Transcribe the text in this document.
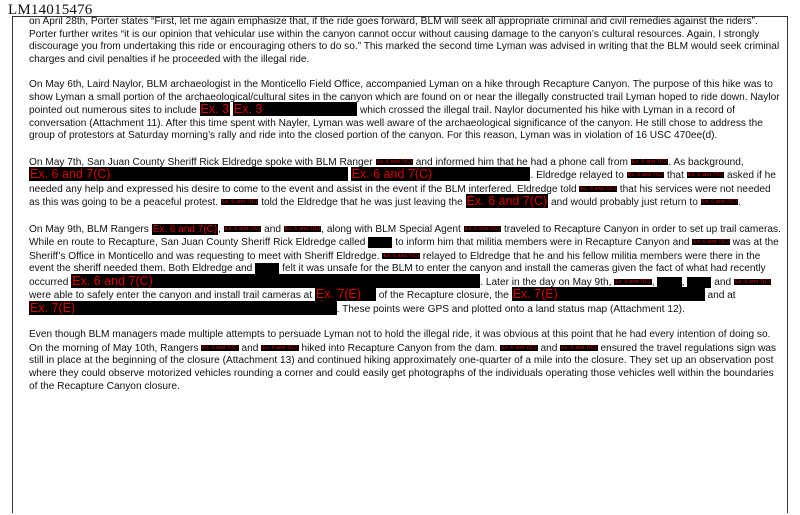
LM14015476

on April 28th, Porter states “First, let me again emphasize that, if the ride goes forward, BLM will seek all appropriate criminal and civil remedies against the riders”. Porter further writes “it is our opinion that vehicular use within the canyon cannot occur without causing damage to the canyon’s cultural resources. Again, I strongly discourage you from undertaking this ride or encouraging others to do so.” This marked the second time Lyman was advised in writing that the BLM would seek criminal charges and civil penalties if he proceeded with the illegal ride.

On May 6th, Laird Naylor, BLM archaeologist in the Monticello Field Office, accompanied Lyman on a hike through Recapture Canyon. The purpose of this hike was to show Lyman a small portion of the archaeological/cultural sites in the canyon which are found on or near the illegally constructed trail Lyman hoped to ride down. Naylor pointed out numerous sites to include Ex. 3 Ex. 3	which crossed the illegal trail. Naylor documented his hike with Lyman in a record of conversation (Attachment 11). After this time spent with Nayler, Lyman was well aware of the archaeological significance of the canyon. He still chose to address the group of protestors at Saturday morning’s rally and ride into the closed portion of the canyon. For this reason, Lyman was in violation of 16 USC 470ee(d).

On May 7th, San Juan County Sheriff Rick Eldredge spoke with BLM Ranger Ex. 6 and 7(C) and informed him that he had a phone call from Ex. 6 and 7(C). As background, Ex. 6 and 7(C)	Ex. 6 and 7(C)	. Eldredge relayed to Ex. 6 and 7(C) that Ex. 6 and 7(C) asked if he needed any help and expressed his desire to come to the event and assist in the event if the BLM interfered. Eldredge told Ex. 6 and 7(C) that his services were not needed as this was going to be a peaceful protest. Ex. 6 and 7(C) told the Eldredge that he was just leaving the Ex. 6 and 7(C) and would probably just return to Ex. 6 and 7(C).

On May 9th, BLM Rangers Ex. 6 and 7(C), Ex. 6 and 7(C) and Ex. 6 and 7(C), along with BLM Special Agent Ex. 6 and 7(C) traveled to Recapture Canyon in order to set up trail cameras. While en route to Recapture, San Juan County Sheriff Rick Eldredge called          to inform him that militia members were in Recapture Canyon and Ex. 6 and 7(C) was at the Sheriff’s Office in Monticello and was requesting to meet with Sheriff Eldredge. Ex. 6 and 7(C) relayed to Eldredge that he and his fellow militia members were there in the event the sheriff needed them. Both Eldredge and          felt it was unsafe for the BLM to enter the canyon and install the cameras given the fact of what had recently occurred Ex. 6 and 7(C)	. Later in the day on May 9th, Ex. 6 and 7(C),         ,          and Ex. 6 and 7(C) were able to safely enter the canyon and install trail cameras at Ex. 7(E)     of the Recapture closure, the Ex. 7(E)	and at Ex. 7(E)	. These points were GPS and plotted onto a land status map (Attachment 12).

Even though BLM managers made multiple attempts to persuade Lyman not to hold the illegal ride, it was obvious at this point that he had every intention of doing so. On the morning of May 10th, Rangers Ex. 6 and 7(C) and Ex. 6 and 7(C) hiked into Recapture Canyon from the dam. Ex. 6 and 7(C) and Ex. 6 and 7(C) ensured the travel regulations sign was still in place at the beginning of the closure (Attachment 13) and continued hiking approximately one-quarter of a mile into the closure. They set up an observation post where they could observe motorized vehicles rounding a corner and could easily get photographs of the individuals operating those vehicles well within the boundaries of the Recapture Canyon closure.
